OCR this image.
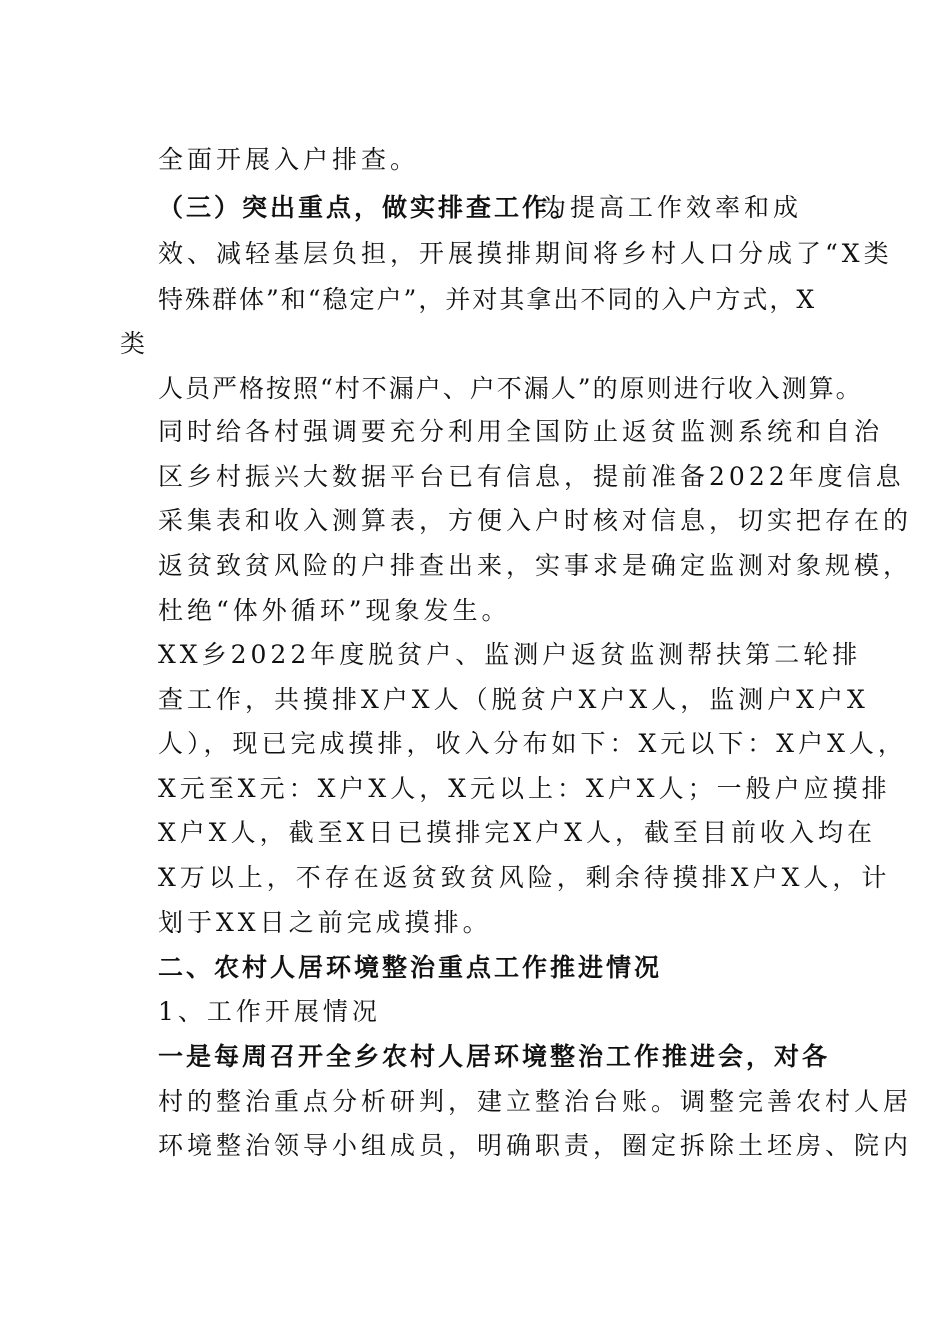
全面开展入户排查。
（三）突出重点，做实排查工作。
为提高工作效率和成
效、减轻基层负担，开展摸排期间将乡村人口分成了“X类
特殊群体”和“稳定户”，并对其拿出不同的入户方式，X
类
人员严格按照“村不漏户、户不漏人”的原则进行收入测算。
同时给各村强调要充分利用全国防止返贫监测系统和自治
区乡村振兴大数据平台已有信息，提前准备2022年度信息
采集表和收入测算表，方便入户时核对信息，切实把存在的
返贫致贫风险的户排查出来，实事求是确定监测对象规模，
杜绝“体外循环”现象发生。
XX乡2022年度脱贫户、监测户返贫监测帮扶第二轮排
查工作，共摸排X户X人（脱贫户X户X人，监测户X户X
人），现已完成摸排，收入分布如下：X元以下：X户X人，
X元至X元：X户X人，X元以上：X户X人；一般户应摸排
X户X人，截至X日已摸排完X户X人，截至目前收入均在
X万以上，不存在返贫致贫风险，剩余待摸排X户X人，计
划于XX日之前完成摸排。
二、农村人居环境整治重点工作推进情况
1、工作开展情况
一是每周召开全乡农村人居环境整治工作推进会，对各
村的整治重点分析研判，建立整治台账。调整完善农村人居
环境整治领导小组成员，明确职责，圈定拆除土坯房、院内
